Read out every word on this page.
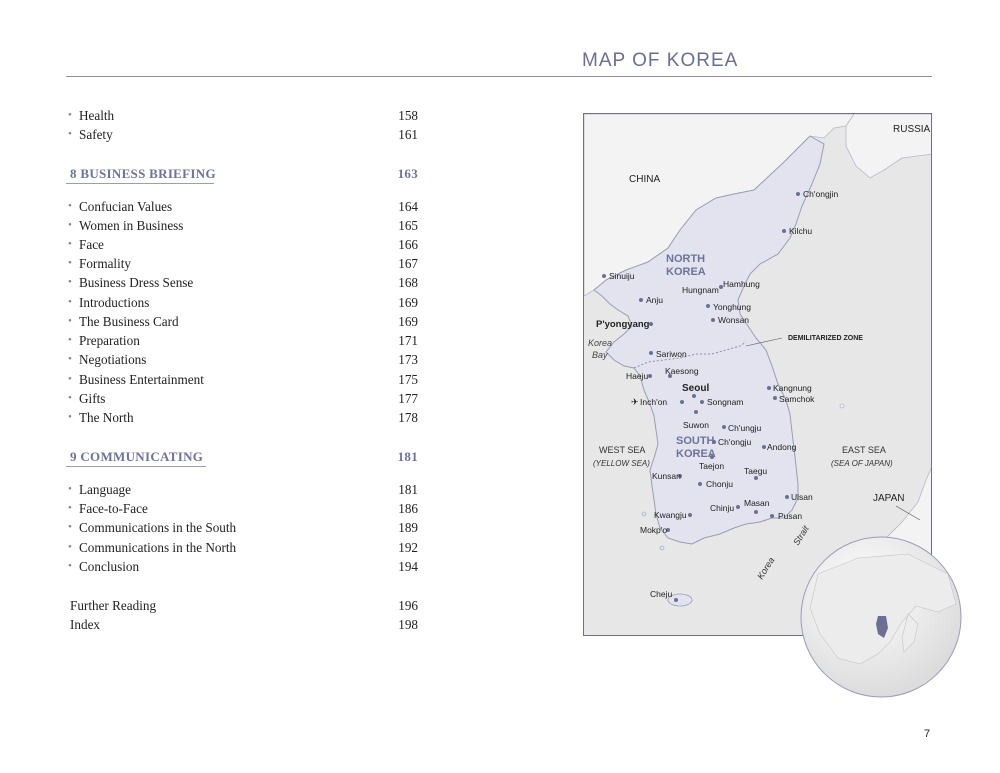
MAP OF KOREA
• Health	158
• Safety	161
8 BUSINESS BRIEFING	163
• Confucian Values	164
• Women in Business	165
• Face	166
• Formality	167
• Business Dress Sense	168
• Introductions	169
• The Business Card	169
• Preparation	171
• Negotiations	173
• Business Entertainment	175
• Gifts	177
• The North	178
9 COMMUNICATING	181
• Language	181
• Face-to-Face	186
• Communications in the South	189
• Communications in the North	192
• Conclusion	194
Further Reading	196
Index	198
RUSSIA
CHINA
JAPAN
NORTH
KOREA
SOUTH
KOREA
Korea
Bay
WEST SEA
(YELLOW SEA)
EAST SEA
(SEA OF JAPAN)
Korea
Strait
DEMILITARIZED ZONE
Ch'ongjin
Kilchu
Sinuiju
Hamhung
Hungnam
Anju
Yonghung
P'yongyang	Wonsan
Sariwon
Kaesong
Haeju
Seoul	Kangnung
Samchok
Inch'on	Songnam
Suwon Ch'ungju
Ch'ongju Andong
Taejon Taegu
Kunsan
Chonju
Ulsan
Chinju Masan
Pusan
Kwangju
Mokp'o
Cheju
✈
7
